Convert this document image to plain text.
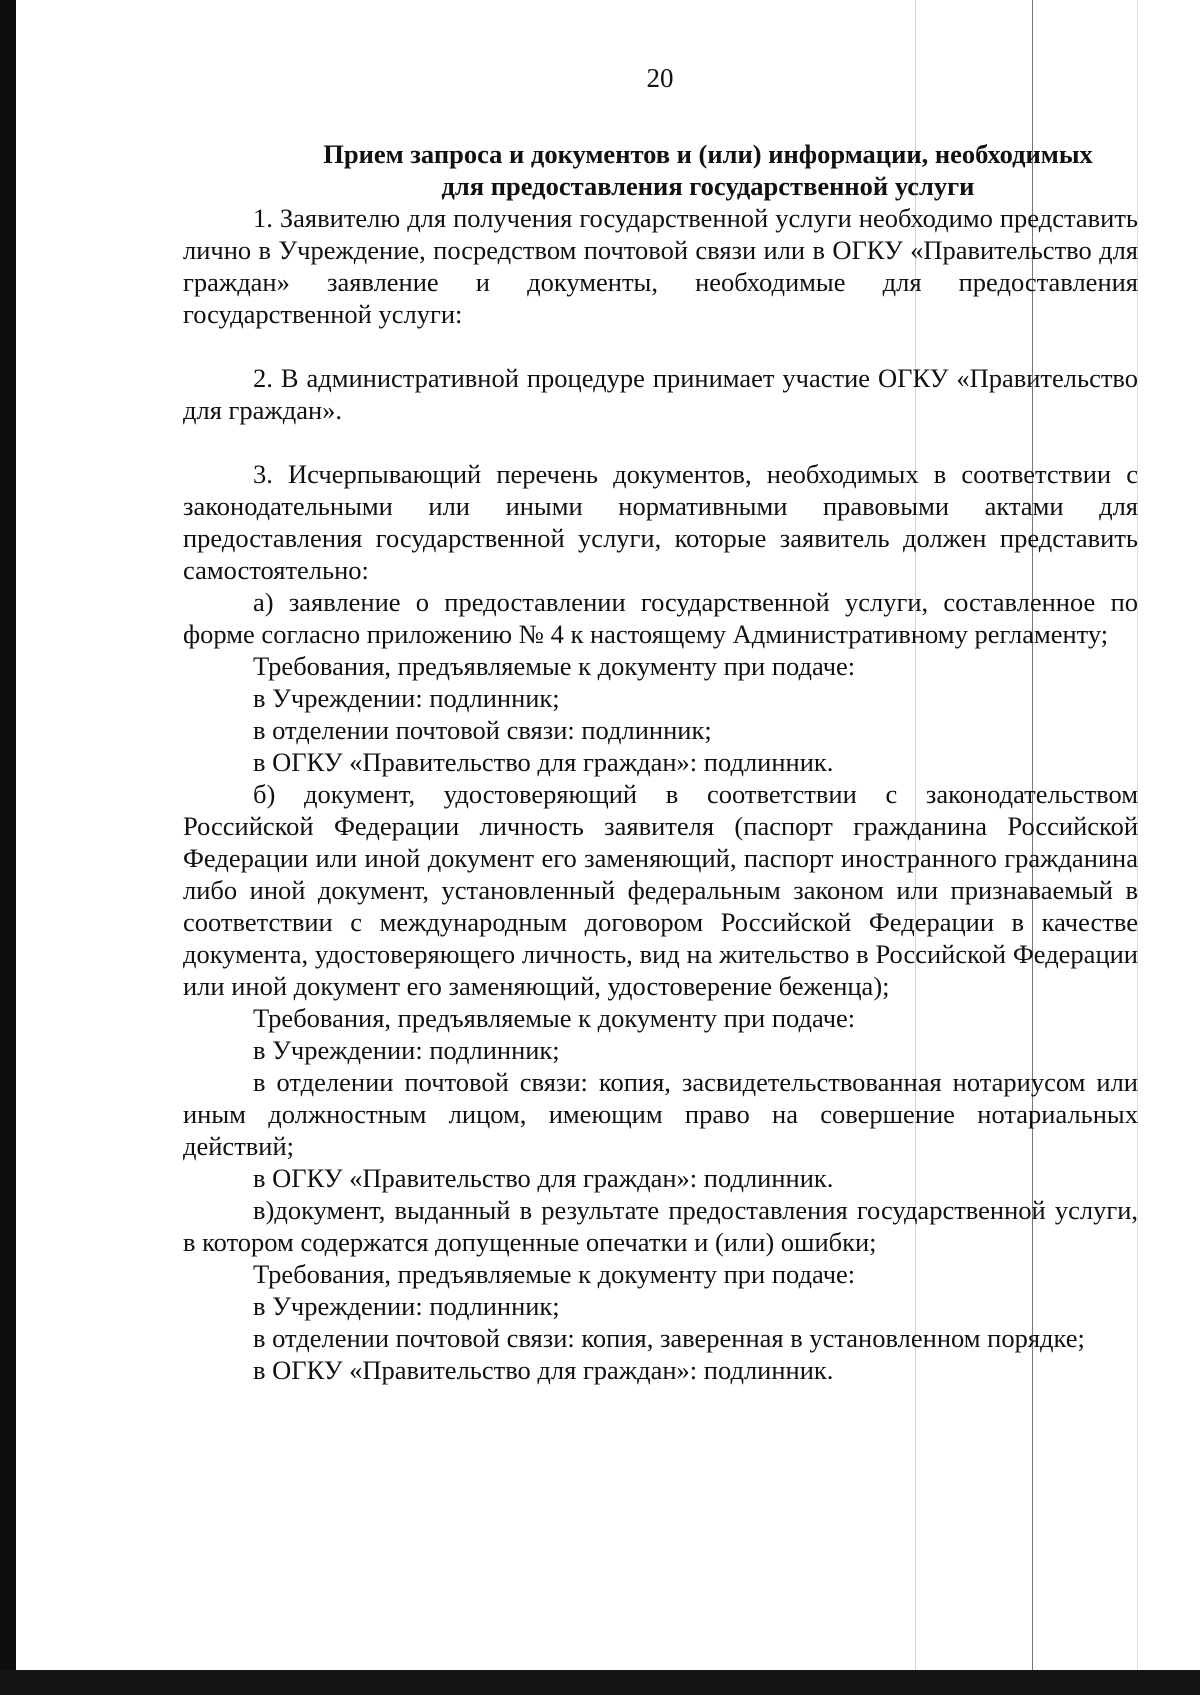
20

Прием запроса и документов и (или) информации, необходимых

для предоставления государственной услуги

1. Заявителю для получения государственной услуги необходимо представить лично в Учреждение, посредством почтовой связи или в ОГКУ «Правительство для граждан» заявление и документы, необходимые для предоставления государственной услуги:

2. В административной процедуре принимает участие ОГКУ «Правительство для граждан».

3. Исчерпывающий перечень документов, необходимых в соответствии с законодательными или иными нормативными правовыми актами для предоставления государственной услуги, которые заявитель должен представить самостоятельно:

а) заявление о предоставлении государственной услуги, составленное по форме согласно приложению № 4 к настоящему Административному регламенту;

Требования, предъявляемые к документу при подаче:

в Учреждении: подлинник;

в отделении почтовой связи: подлинник;

в ОГКУ «Правительство для граждан»: подлинник.

б) документ, удостоверяющий в соответствии с законодательством Российской Федерации личность заявителя (паспорт гражданина Российской Федерации или иной документ его заменяющий, паспорт иностранного гражданина либо иной документ, установленный федеральным законом или признаваемый в соответствии с международным договором Российской Федерации в качестве документа, удостоверяющего личность, вид на жительство в Российской Федерации или иной документ его заменяющий, удостоверение беженца);

Требования, предъявляемые к документу при подаче:

в Учреждении: подлинник;

в отделении почтовой связи: копия, засвидетельствованная нотариусом или иным должностным лицом, имеющим право на совершение нотариальных действий;

в ОГКУ «Правительство для граждан»: подлинник.

в)документ, выданный в результате предоставления государственной услуги, в котором содержатся допущенные опечатки и (или) ошибки;

Требования, предъявляемые к документу при подаче:

в Учреждении: подлинник;

в отделении почтовой связи: копия, заверенная в установленном порядке;

в ОГКУ «Правительство для граждан»: подлинник.
